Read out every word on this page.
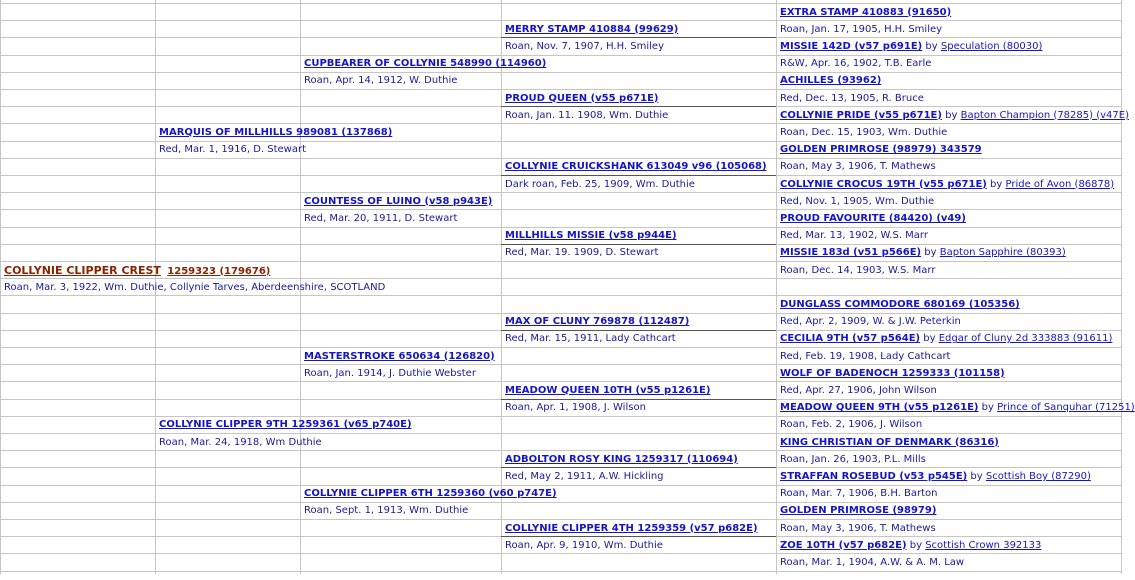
COLLYNIE CLIPPER CREST 1259323 (179676)
Roan, Mar. 3, 1922, Wm. Duthie, Collynie Tarves, Aberdeenshire, SCOTLAND
MARQUIS OF MILLHILLS 989081 (137868)
Red, Mar. 1, 1916, D. Stewart
COLLYNIE CLIPPER 9TH 1259361 (v65 p740E)
Roan, Mar. 24, 1918, Wm Duthie
CUPBEARER OF COLLYNIE 548990 (114960)
Roan, Apr. 14, 1912, W. Duthie
COUNTESS OF LUINO (v58 p943E)
Red, Mar. 20, 1911, D. Stewart
MASTERSTROKE 650634 (126820)
Roan, Jan. 1914, J. Duthie Webster
COLLYNIE CLIPPER 6TH 1259360 (v60 p747E)
Roan, Sept. 1, 1913, Wm. Duthie
MERRY STAMP 410884 (99629)
Roan, Nov. 7, 1907, H.H. Smiley
PROUD QUEEN (v55 p671E)
Roan, Jan. 11. 1908, Wm. Duthie
COLLYNIE CRUICKSHANK 613049 v96 (105068)
Dark roan, Feb. 25, 1909, Wm. Duthie
MILLHILLS MISSIE (v58 p944E)
Red, Mar. 19. 1909, D. Stewart
MAX OF CLUNY 769878 (112487)
Red, Mar. 15, 1911, Lady Cathcart
MEADOW QUEEN 10TH (v55 p1261E)
Roan, Apr. 1, 1908, J. Wilson
ADBOLTON ROSY KING 1259317 (110694)
Red, May 2, 1911, A.W. Hickling
COLLYNIE CLIPPER 4TH 1259359 (v57 p682E)
Roan, Apr. 9, 1910, Wm. Duthie
EXTRA STAMP 410883 (91650)
Roan, Jan. 17, 1905, H.H. Smiley
MISSIE 142D (v57 p691E) by Speculation (80030)
R&W, Apr. 16, 1902, T.B. Earle
ACHILLES (93962)
Red, Dec. 13, 1905, R. Bruce
COLLYNIE PRIDE (v55 p671E) by Bapton Champion (78285) (v47E)
Roan, Dec. 15, 1903, Wm. Duthie
GOLDEN PRIMROSE (98979) 343579
Roan, May 3, 1906, T. Mathews
COLLYNIE CROCUS 19TH (v55 p671E) by Pride of Avon (86878)
Red, Nov. 1, 1905, Wm. Duthie
PROUD FAVOURITE (84420) (v49)
Red, Mar. 13, 1902, W.S. Marr
MISSIE 183d (v51 p566E) by Bapton Sapphire (80393)
Roan, Dec. 14, 1903, W.S. Marr
DUNGLASS COMMODORE 680169 (105356)
Red, Apr. 2, 1909, W. & J.W. Peterkin
CECILIA 9TH (v57 p564E) by Edgar of Cluny 2d 333883 (91611)
Red, Feb. 19, 1908, Lady Cathcart
WOLF OF BADENOCH 1259333 (101158)
Red, Apr. 27, 1906, John Wilson
MEADOW QUEEN 9TH (v55 p1261E) by Prince of Sanquhar (71251)
Roan, Feb. 2, 1906, J. Wilson
KING CHRISTIAN OF DENMARK (86316)
Roan, Jan. 26, 1903, P.L. Mills
STRAFFAN ROSEBUD (v53 p545E) by Scottish Boy (87290)
Roan, Mar. 7, 1906, B.H. Barton
GOLDEN PRIMROSE (98979)
Roan, May 3, 1906, T. Mathews
ZOE 10TH (v57 p682E) by Scottish Crown 392133
Roan, Mar. 1, 1904, A.W. & A. M. Law
